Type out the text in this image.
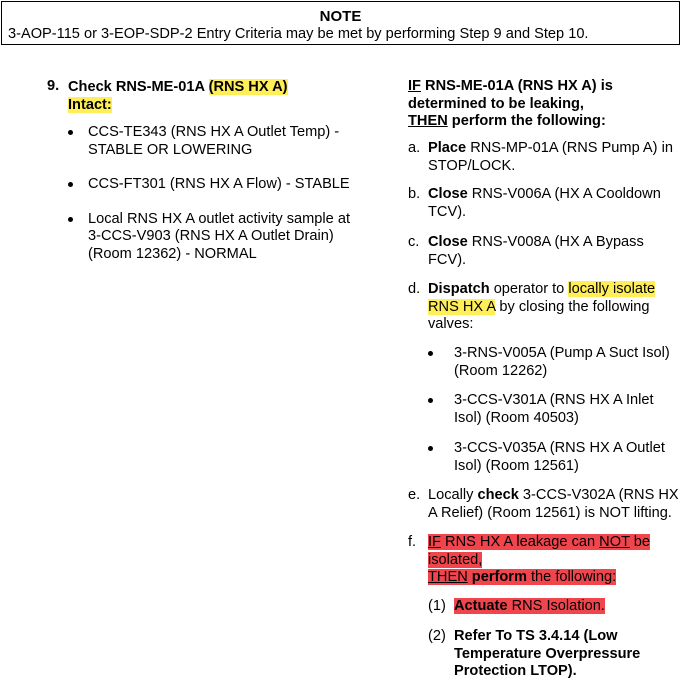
NOTE
3-AOP-115 or 3-EOP-SDP-2 Entry Criteria may be met by performing Step 9 and Step 10.
9. Check RNS-ME-01A (RNS HX A)
Intact:
CCS-TE343 (RNS HX A Outlet Temp) - STABLE OR LOWERING
CCS-FT301 (RNS HX A Flow) - STABLE
Local RNS HX A outlet activity sample at 3-CCS-V903 (RNS HX A Outlet Drain) (Room 12362) - NORMAL
IF RNS-ME-01A (RNS HX A) is determined to be leaking,
THEN perform the following:
a. Place RNS-MP-01A (RNS Pump A) in STOP/LOCK.
b. Close RNS-V006A (HX A Cooldown TCV).
c. Close RNS-V008A (HX A Bypass FCV).
d. Dispatch operator to locally isolate RNS HX A by closing the following valves:
3-RNS-V005A (Pump A Suct Isol) (Room 12262)
3-CCS-V301A (RNS HX A Inlet Isol) (Room 40503)
3-CCS-V035A (RNS HX A Outlet Isol) (Room 12561)
e. Locally check 3-CCS-V302A (RNS HX A Relief) (Room 12561) is NOT lifting.
f. IF RNS HX A leakage can NOT be isolated,
THEN perform the following:
(1) Actuate RNS Isolation.
(2) Refer To TS 3.4.14 (Low Temperature Overpressure Protection LTOP).
